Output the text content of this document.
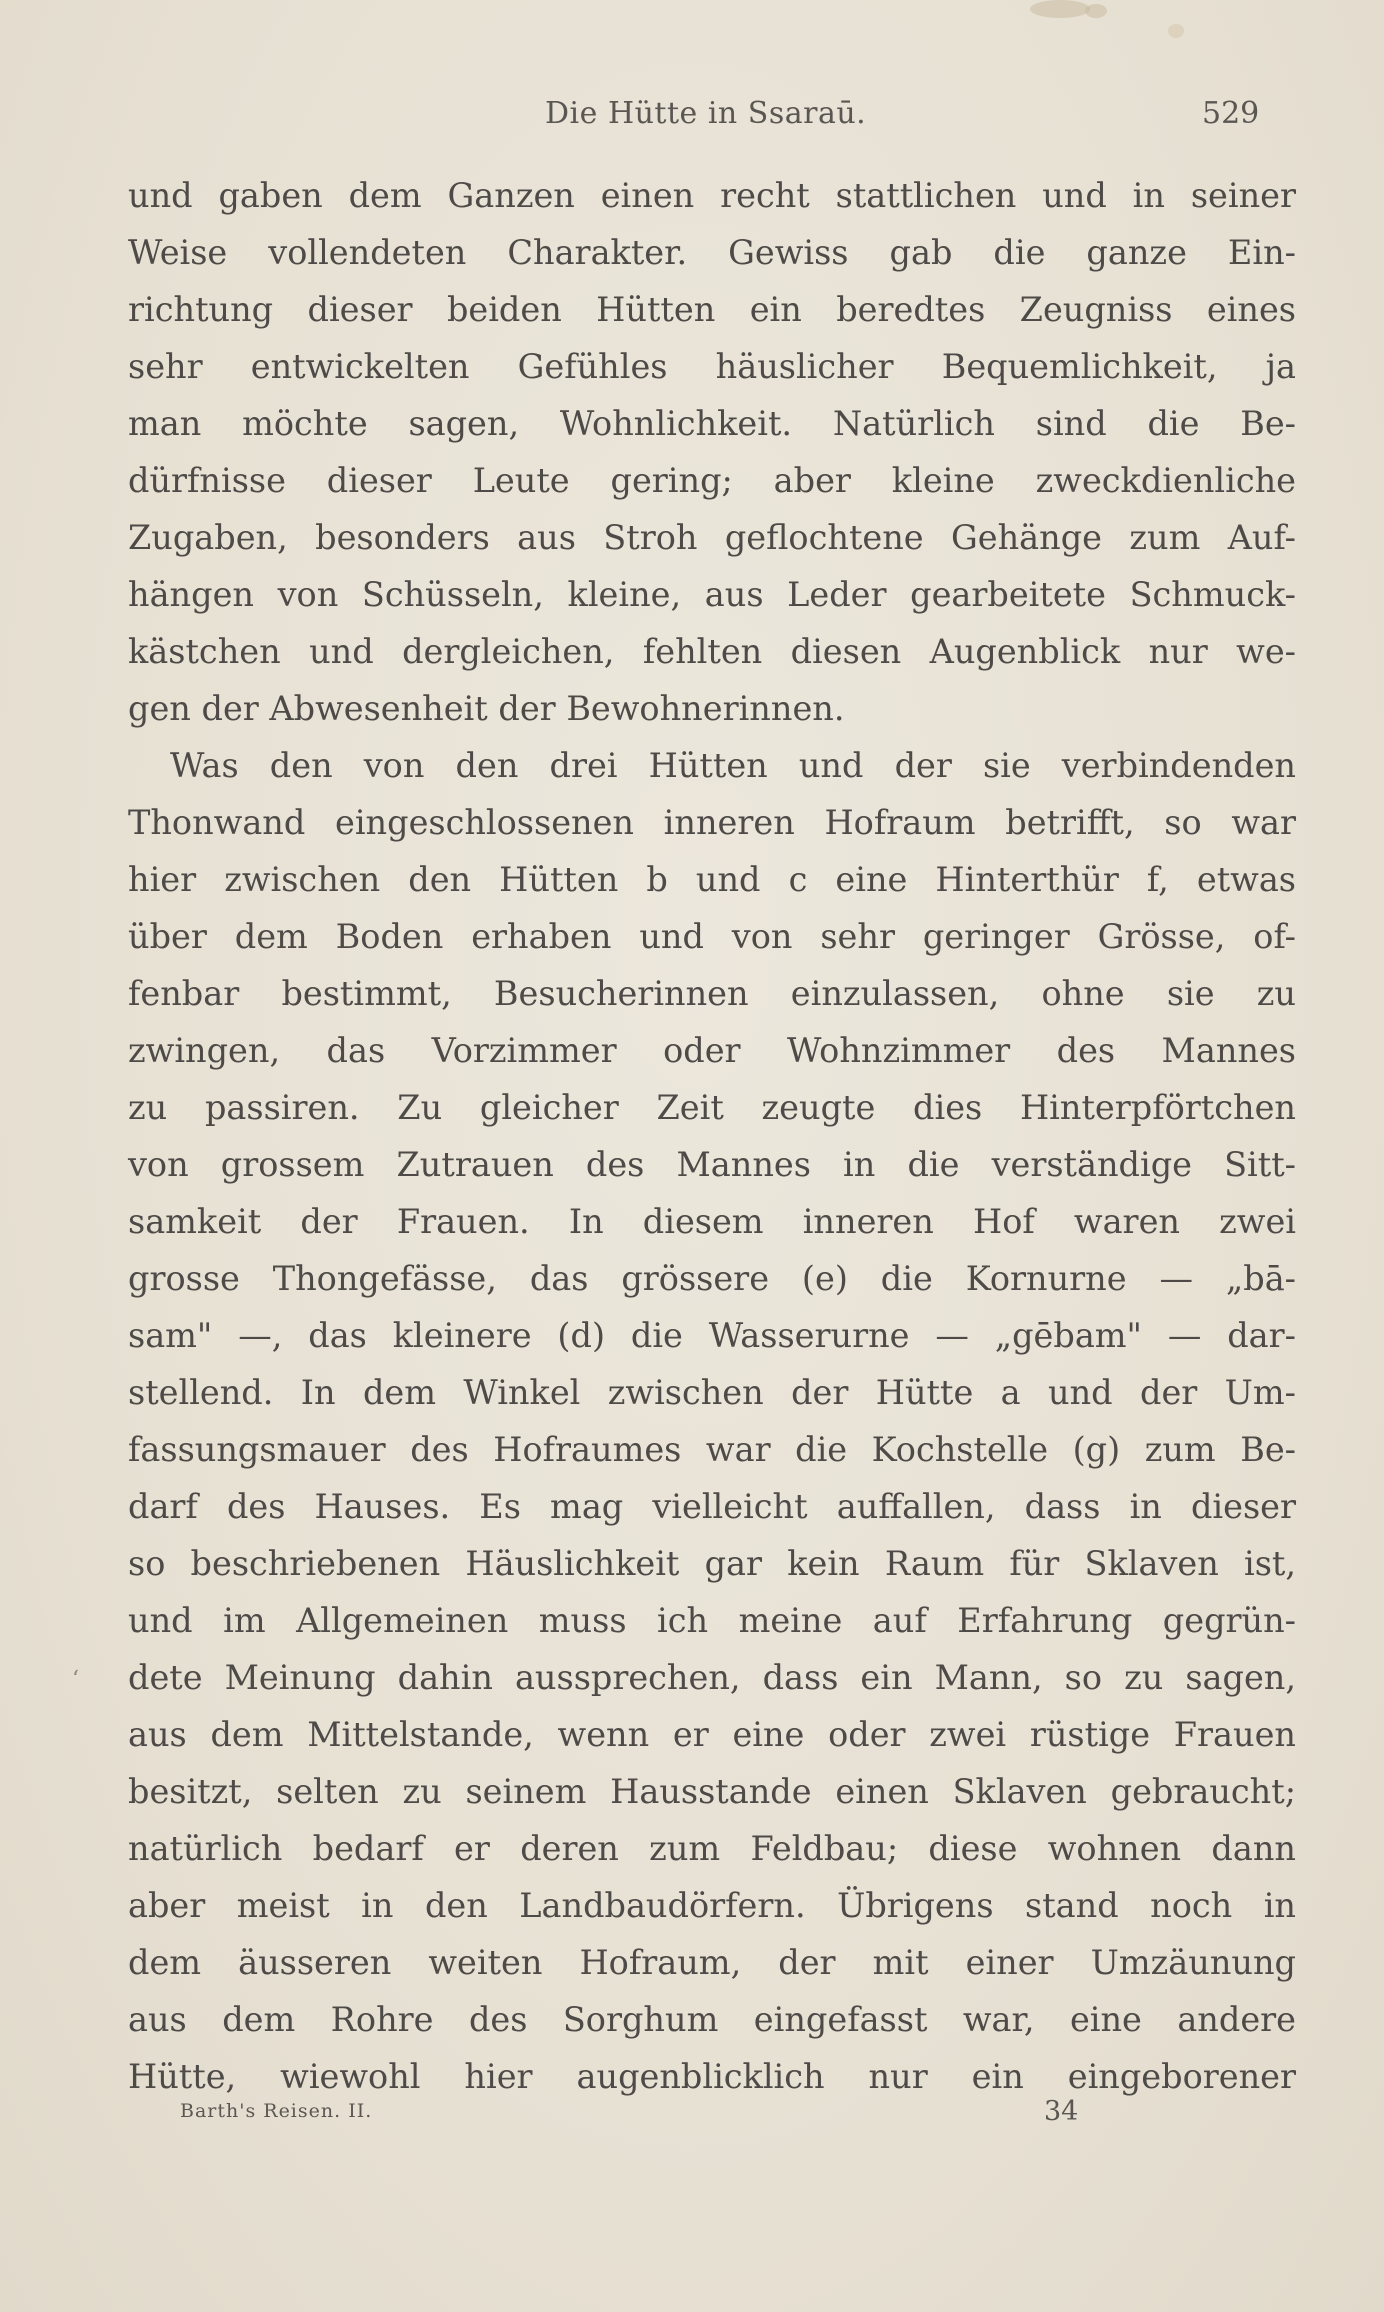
Die Hütte in Ssaraū.	529
und gaben dem Ganzen einen recht stattlichen und in seiner
Weise vollendeten Charakter. Gewiss gab die ganze Ein-
richtung dieser beiden Hütten ein beredtes Zeugniss eines
sehr entwickelten Gefühles häuslicher Bequemlichkeit, ja
man möchte sagen, Wohnlichkeit. Natürlich sind die Be-
dürfnisse dieser Leute gering; aber kleine zweckdienliche
Zugaben, besonders aus Stroh geflochtene Gehänge zum Auf-
hängen von Schüsseln, kleine, aus Leder gearbeitete Schmuck-
kästchen und dergleichen, fehlten diesen Augenblick nur we-
gen der Abwesenheit der Bewohnerinnen.
Was den von den drei Hütten und der sie verbindenden
Thonwand eingeschlossenen inneren Hofraum betrifft, so war
hier zwischen den Hütten b und c eine Hinterthür f, etwas
über dem Boden erhaben und von sehr geringer Grösse, of-
fenbar bestimmt, Besucherinnen einzulassen, ohne sie zu
zwingen, das Vorzimmer oder Wohnzimmer des Mannes
zu passiren. Zu gleicher Zeit zeugte dies Hinterpförtchen
von grossem Zutrauen des Mannes in die verständige Sitt-
samkeit der Frauen. In diesem inneren Hof waren zwei
grosse Thongefässe, das grössere (e) die Kornurne — „bā-
sam" —, das kleinere (d) die Wasserurne — „gēbam" — dar-
stellend. In dem Winkel zwischen der Hütte a und der Um-
fassungsmauer des Hofraumes war die Kochstelle (g) zum Be-
darf des Hauses. Es mag vielleicht auffallen, dass in dieser
so beschriebenen Häuslichkeit gar kein Raum für Sklaven ist,
und im Allgemeinen muss ich meine auf Erfahrung gegrün-
dete Meinung dahin aussprechen, dass ein Mann, so zu sagen,
aus dem Mittelstande, wenn er eine oder zwei rüstige Frauen
besitzt, selten zu seinem Hausstande einen Sklaven gebraucht;
natürlich bedarf er deren zum Feldbau; diese wohnen dann
aber meist in den Landbaudörfern. Übrigens stand noch in
dem äusseren weiten Hofraum, der mit einer Umzäunung
aus dem Rohre des Sorghum eingefasst war, eine andere
Hütte, wiewohl hier augenblicklich nur ein eingeborener
‘
Barth's Reisen. II.	34
